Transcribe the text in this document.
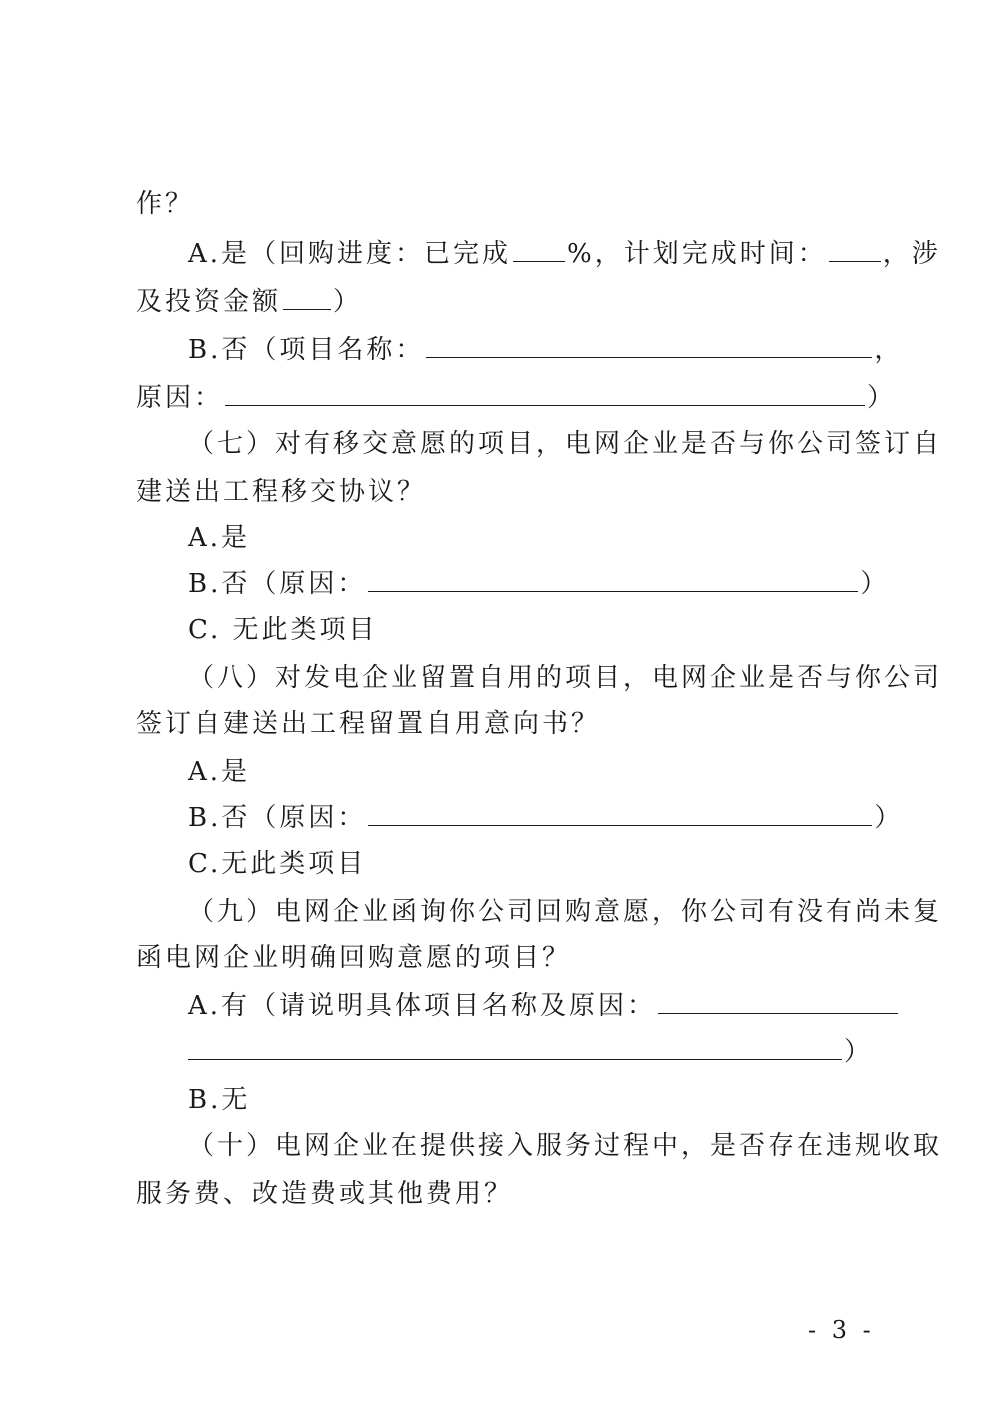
作？
A.是（回购进度：已完成 %，计划完成时间： ，涉
及投资金额 ）
B.否（项目名称：	，
原因：	）
（七）对有移交意愿的项目，电网企业是否与你公司签订自
建送出工程移交协议？
A.是
B.否（原因：	）
C. 无此类项目
（八）对发电企业留置自用的项目，电网企业是否与你公司
签订自建送出工程留置自用意向书？
A.是
B.否（原因：	）
C.无此类项目
（九）电网企业函询你公司回购意愿，你公司有没有尚未复
函电网企业明确回购意愿的项目？
A.有（请说明具体项目名称及原因：
）
B.无
（十）电网企业在提供接入服务过程中，是否存在违规收取
服务费、改造费或其他费用？
- 3 -
